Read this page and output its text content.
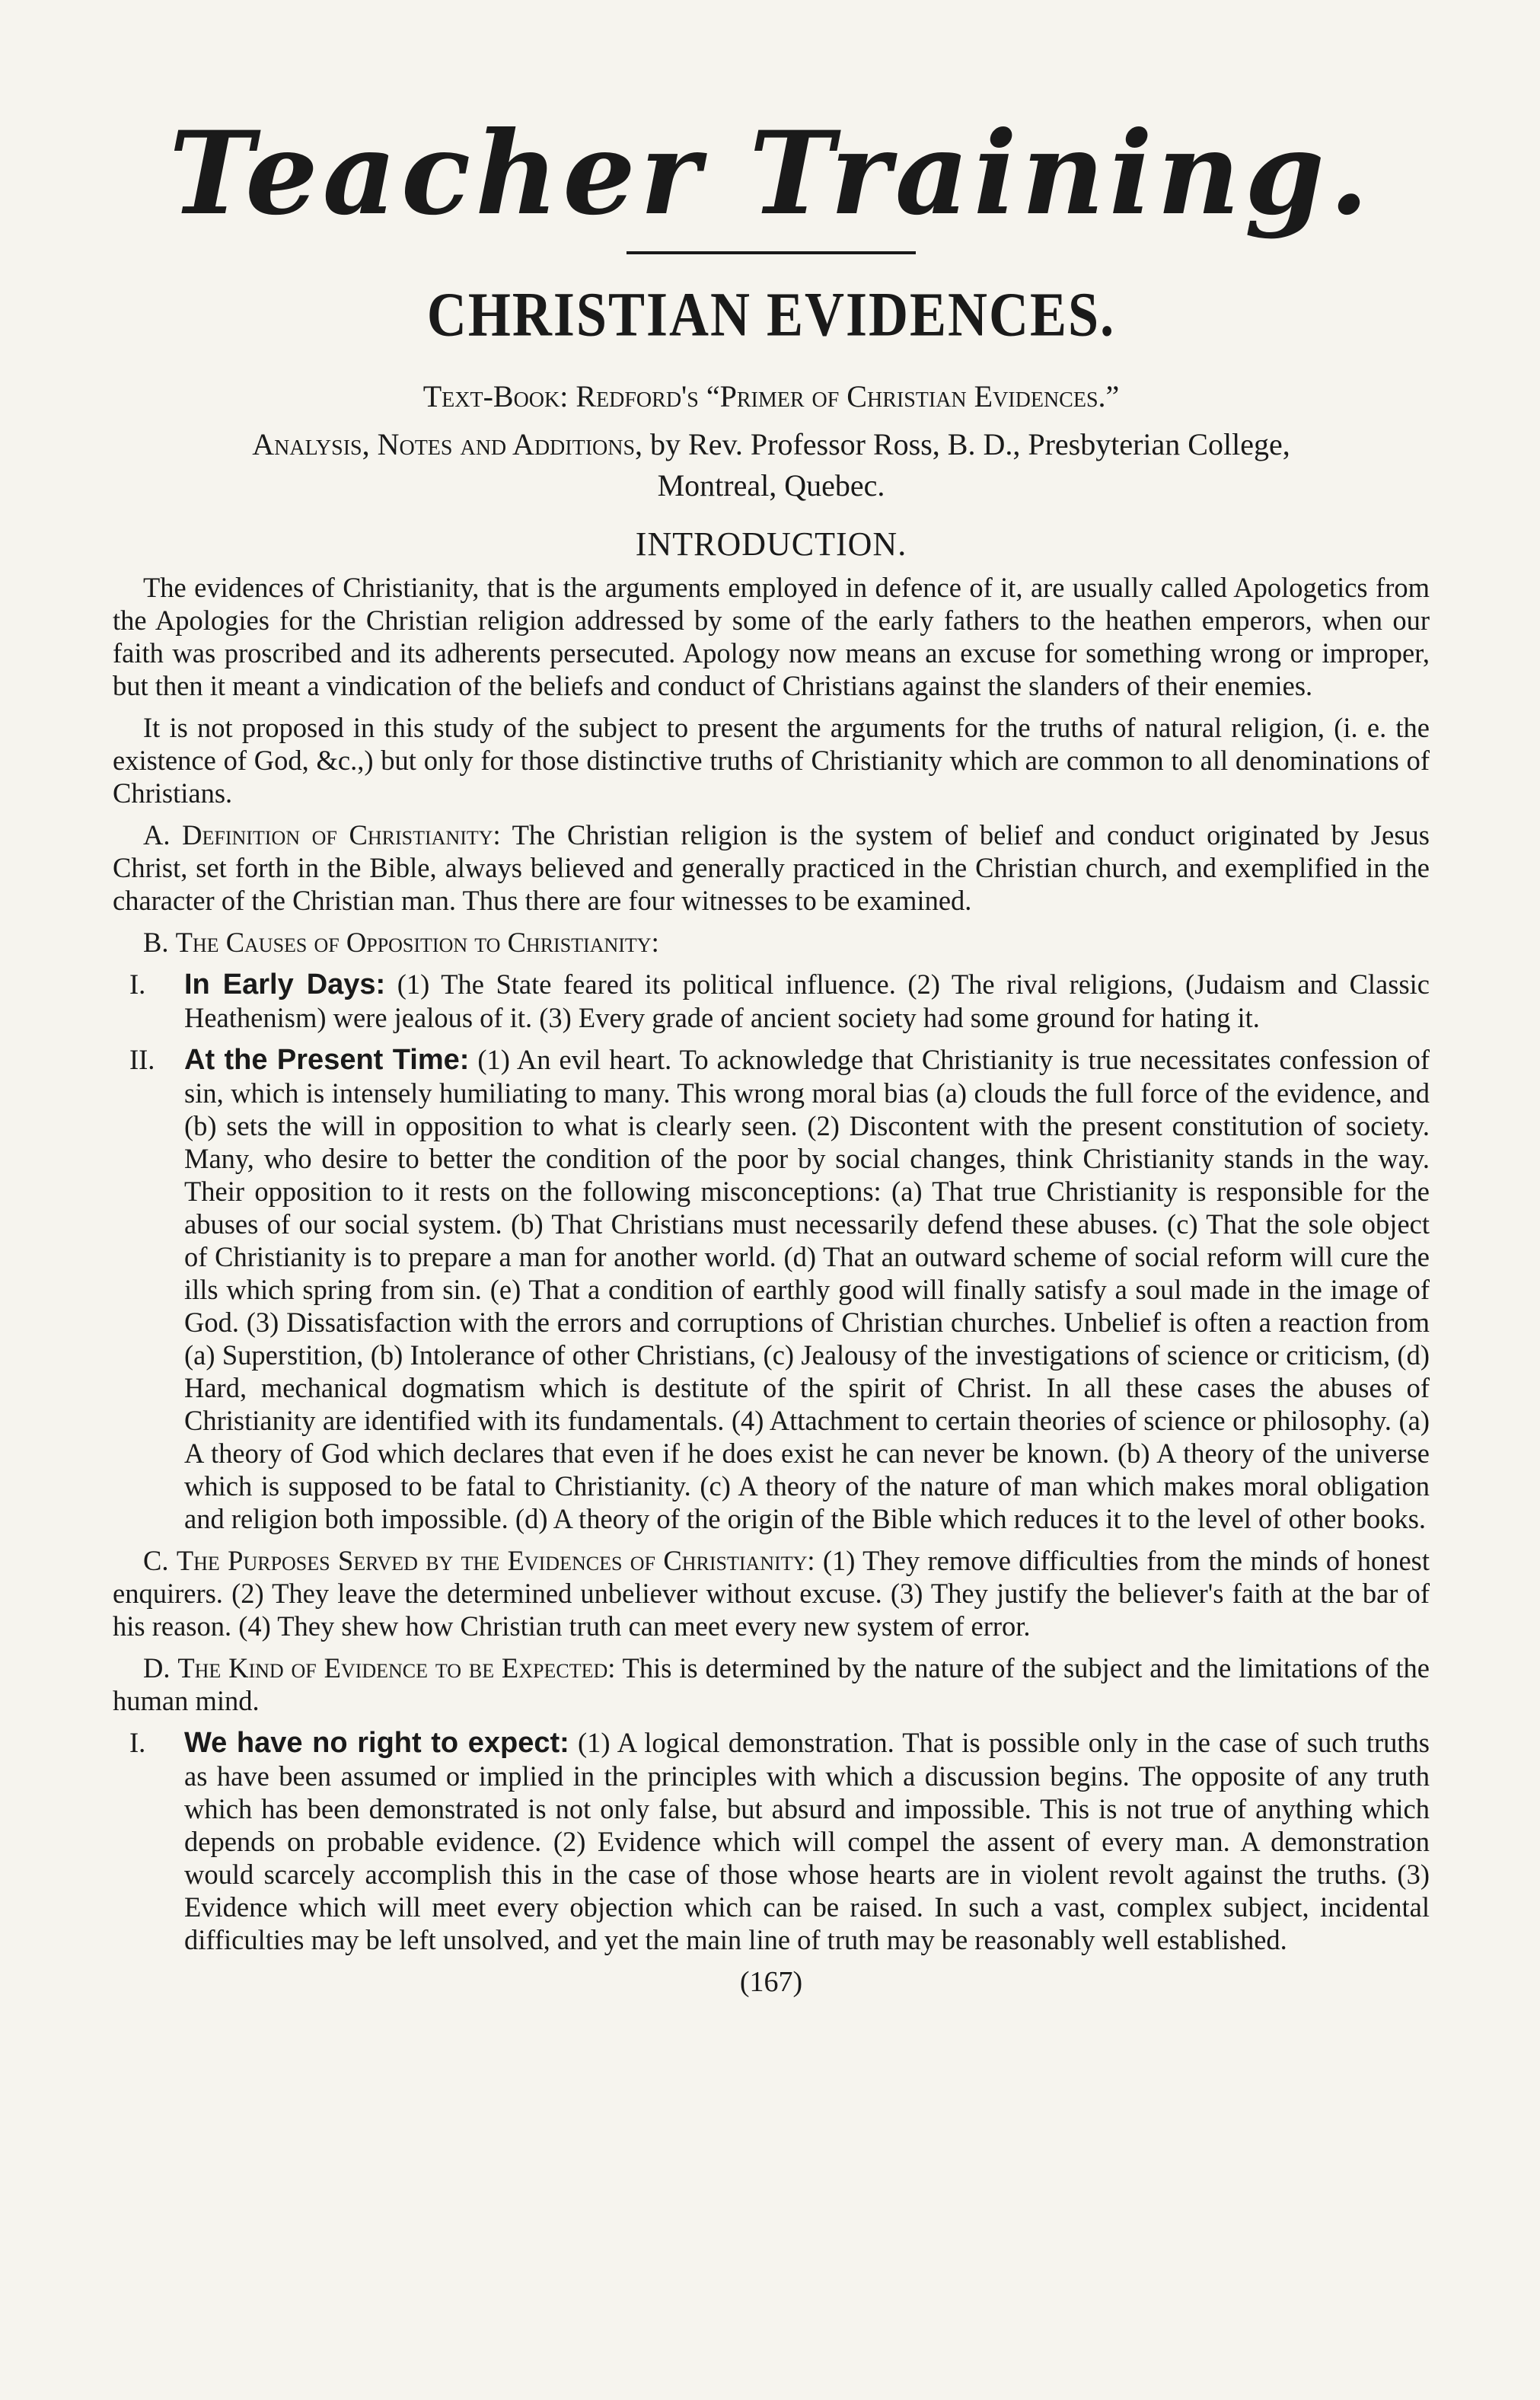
Teacher Training.
CHRISTIAN EVIDENCES.
Text-Book: Redford's “Primer of Christian Evidences.”
Analysis, Notes and Additions, by Rev. Professor Ross, B. D., Presbyterian College,
Montreal, Quebec.
INTRODUCTION.

The evidences of Christianity, that is the arguments employed in defence of it, are usually called Apologetics from the Apologies for the Christian religion addressed by some of the early fathers to the heathen emperors, when our faith was proscribed and its adherents persecuted. Apology now means an excuse for something wrong or improper, but then it meant a vindication of the beliefs and conduct of Christians against the slanders of their enemies.

It is not proposed in this study of the subject to present the arguments for the truths of natural religion, (i. e. the existence of God, &c.,) but only for those distinctive truths of Christianity which are common to all denominations of Christians.

A. Definition of Christianity: The Christian religion is the system of belief and conduct originated by Jesus Christ, set forth in the Bible, always believed and generally practiced in the Christian church, and exemplified in the character of the Christian man. Thus there are four witnesses to be examined.

B. The Causes of Opposition to Christianity:

I.	In Early Days: (1) The State feared its political influence. (2) The rival religions, (Judaism and Classic Heathenism) were jealous of it. (3) Every grade of ancient society had some ground for hating it.
II.	At the Present Time: (1) An evil heart. To acknowledge that Christianity is true necessitates confession of sin, which is intensely humiliating to many. This wrong moral bias (a) clouds the full force of the evidence, and (b) sets the will in opposition to what is clearly seen. (2) Discontent with the present constitution of society. Many, who desire to better the condition of the poor by social changes, think Christianity stands in the way. Their opposition to it rests on the following misconceptions: (a) That true Christianity is responsible for the abuses of our social system. (b) That Christians must necessarily defend these abuses. (c) That the sole object of Christianity is to prepare a man for another world. (d) That an outward scheme of social reform will cure the ills which spring from sin. (e) That a condition of earthly good will finally satisfy a soul made in the image of God. (3) Dissatisfaction with the errors and corruptions of Christian churches. Unbelief is often a reaction from (a) Superstition, (b) Intolerance of other Christians, (c) Jealousy of the investigations of science or criticism, (d) Hard, mechanical dogmatism which is destitute of the spirit of Christ. In all these cases the abuses of Christianity are identified with its fundamentals. (4) Attachment to certain theories of science or philosophy. (a) A theory of God which declares that even if he does exist he can never be known. (b) A theory of the universe which is supposed to be fatal to Christianity. (c) A theory of the nature of man which makes moral obligation and religion both impossible. (d) A theory of the origin of the Bible which reduces it to the level of other books.

C. The Purposes Served by the Evidences of Christianity: (1) They remove difficulties from the minds of honest enquirers. (2) They leave the determined unbeliever without excuse. (3) They justify the believer's faith at the bar of his reason. (4) They shew how Christian truth can meet every new system of error.

D. The Kind of Evidence to be Expected: This is determined by the nature of the subject and the limitations of the human mind.

I.	We have no right to expect: (1) A logical demonstration. That is possible only in the case of such truths as have been assumed or implied in the principles with which a discussion begins. The opposite of any truth which has been demonstrated is not only false, but absurd and impossible. This is not true of anything which depends on probable evidence. (2) Evidence which will compel the assent of every man. A demonstration would scarcely accomplish this in the case of those whose hearts are in violent revolt against the truths. (3) Evidence which will meet every objection which can be raised. In such a vast, complex subject, incidental difficulties may be left unsolved, and yet the main line of truth may be reasonably well established.
(167)
